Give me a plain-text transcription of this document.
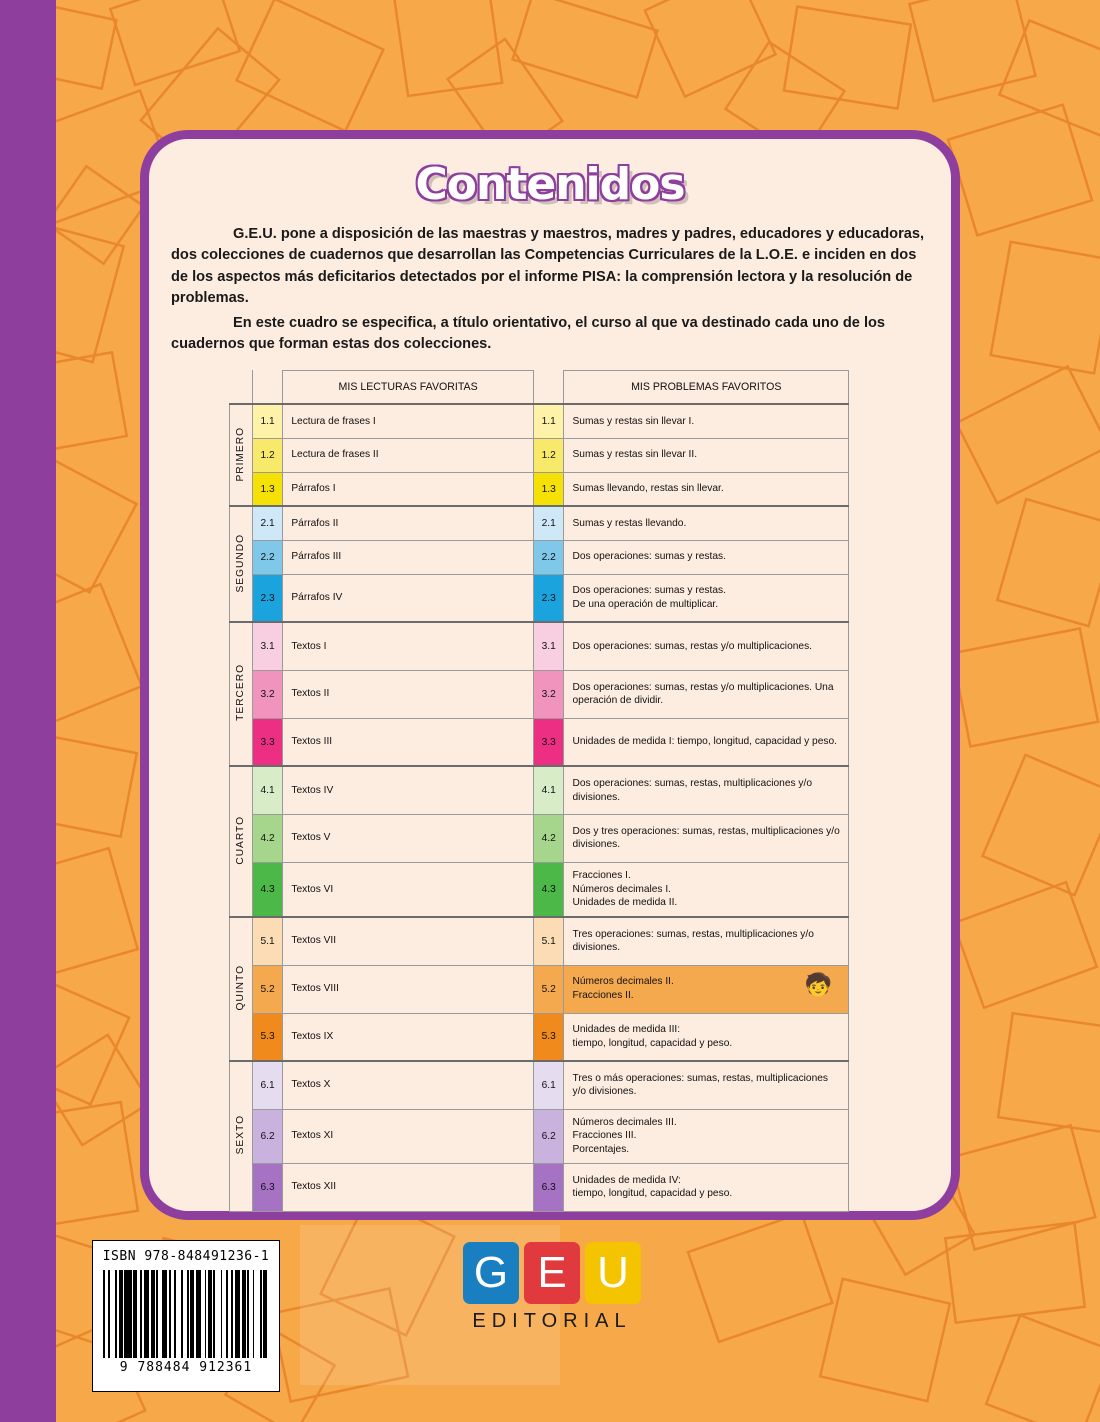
Contenidos

G.E.U. pone a disposición de las maestras y maestros, madres y padres, educadores y educadoras, dos colecciones de cuadernos que desarrollan las Competencias Curriculares de la L.O.E. e inciden en dos de los aspectos más deficitarios detectados por el informe PISA: la comprensión lectora y la resolución de problemas.

En este cuadro se especifica, a título orientativo, el curso al que va destinado cada uno de los cuadernos que forman estas dos colecciones.

		MIS LECTURAS FAVORITAS		MIS PROBLEMAS FAVORITOS
PRIMERO	1.1	Lectura de frases I	1.1	Sumas y restas sin llevar I.

	1.2	Lectura de frases II	1.2	Sumas y restas sin llevar II.

	1.3	Párrafos I	1.3	Sumas llevando, restas sin llevar.

SEGUNDO	2.1	Párrafos II	2.1	Sumas y restas llevando.

	2.2	Párrafos III	2.2	Dos operaciones: sumas y restas.

	2.3	Párrafos IV	2.3	Dos operaciones: sumas y restas.
De una operación de multiplicar.

TERCERO	3.1	Textos I	3.1	Dos operaciones: sumas, restas y/o multiplicaciones.

	3.2	Textos II	3.2	Dos operaciones: sumas, restas y/o multiplicaciones. Una operación de dividir.

	3.3	Textos III	3.3	Unidades de medida I: tiempo, longitud, capacidad y peso.

CUARTO	4.1	Textos IV	4.1	Dos operaciones: sumas, restas, multiplicaciones y/o divisiones.

	4.2	Textos V	4.2	Dos y tres operaciones: sumas, restas, multiplicaciones y/o divisiones.

	4.3	Textos VI	4.3	Fracciones I.
Números decimales I.
Unidades de medida II.

QUINTO	5.1	Textos VII	5.1	Tres operaciones: sumas, restas, multiplicaciones y/o divisiones.

	5.2	Textos VIII	5.2	Números decimales II.
Fracciones II. 🧒

	5.3	Textos IX	5.3	Unidades de medida III:
tiempo, longitud, capacidad y peso.

SEXTO	6.1	Textos X	6.1	Tres o más operaciones: sumas, restas, multiplicaciones y/o divisiones.

	6.2	Textos XI	6.2	Números decimales III.
Fracciones III.
Porcentajes.

	6.3	Textos XII	6.3	Unidades de medida IV:
tiempo, longitud, capacidad y peso.
ISBN 978-848491236-1
9 788484 912361
G E U
EDITORIAL
